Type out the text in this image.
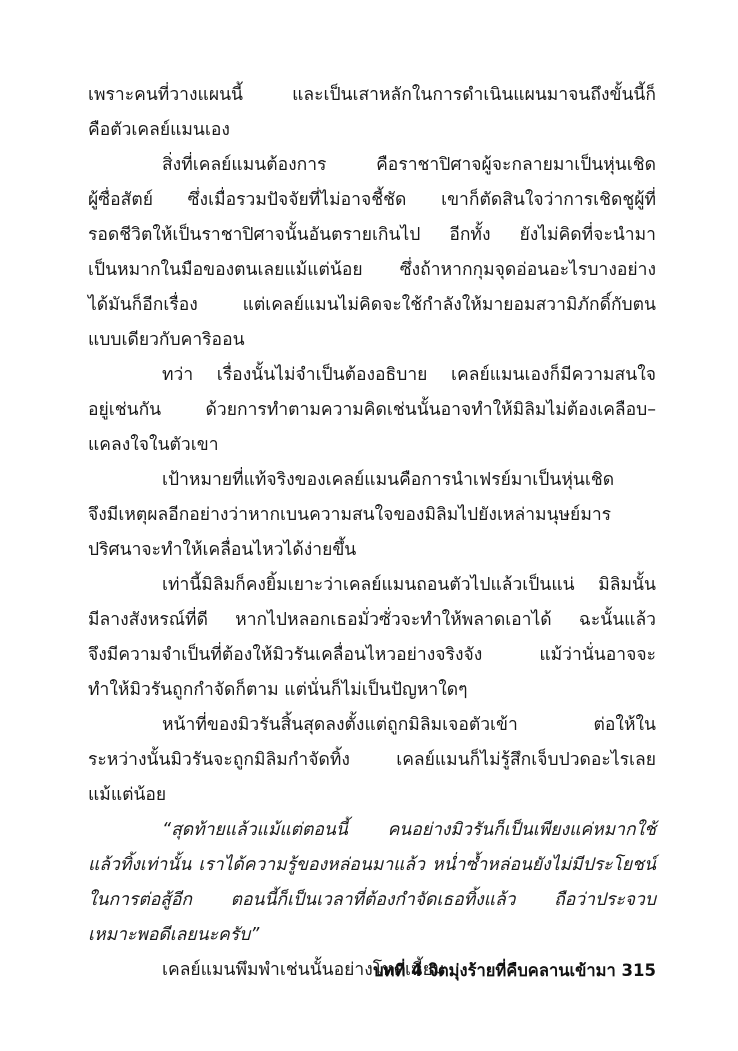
เพราะคนที่วางแผนนี้ และเป็นเสาหลักในการดำเนินแผนมาจนถึงขั้นนี้ก็
คือตัวเคลย์แมนเอง
สิ่งที่เคลย์แมนต้องการ คือราชาปิศาจผู้จะกลายมาเป็นหุ่นเชิด
ผู้ซื่อสัตย์ ซึ่งเมื่อรวมปัจจัยที่ไม่อาจชี้ชัด เขาก็ตัดสินใจว่าการเชิดชูผู้ที่
รอดชีวิตให้เป็นราชาปิศาจนั้นอันตรายเกินไป อีกทั้ง ยังไม่คิดที่จะนำมา
เป็นหมากในมือของตนเลยแม้แต่น้อย ซึ่งถ้าหากกุมจุดอ่อนอะไรบางอย่าง
ได้มันก็อีกเรื่อง แต่เคลย์แมนไม่คิดจะใช้กำลังให้มายอมสวามิภักดิ์กับตน
แบบเดียวกับคาริออน
ทว่า เรื่องนั้นไม่จำเป็นต้องอธิบาย เคลย์แมนเองก็มีความสนใจ
อยู่เช่นกัน ด้วยการทำตามความคิดเช่นนั้นอาจทำให้มิลิมไม่ต้องเคลือบ–
แคลงใจในตัวเขา
เป้าหมายที่แท้จริงของเคลย์แมนคือการนำเฟรย์มาเป็นหุ่นเชิด
จึงมีเหตุผลอีกอย่างว่าหากเบนความสนใจของมิลิมไปยังเหล่ามนุษย์มาร
ปริศนาจะทำให้เคลื่อนไหวได้ง่ายขึ้น
เท่านี้มิลิมก็คงยิ้มเยาะว่าเคลย์แมนถอนตัวไปแล้วเป็นแน่ มิลิมนั้น
มีลางสังหรณ์ที่ดี หากไปหลอกเธอมั่วซั่วจะทำให้พลาดเอาได้ ฉะนั้นแล้ว
จึงมีความจำเป็นที่ต้องให้มิวรันเคลื่อนไหวอย่างจริงจัง แม้ว่านั่นอาจจะ
ทำให้มิวรันถูกกำจัดก็ตาม แต่นั่นก็ไม่เป็นปัญหาใดๆ
หน้าที่ของมิวรันสิ้นสุดลงตั้งแต่ถูกมิลิมเจอตัวเข้า ต่อให้ใน
ระหว่างนั้นมิวรันจะถูกมิลิมกำจัดทิ้ง เคลย์แมนก็ไม่รู้สึกเจ็บปวดอะไรเลย
แม้แต่น้อย
“สุดท้ายแล้วแม้แต่ตอนนี้ คนอย่างมิวรันก็เป็นเพียงแค่หมากใช้
แล้วทิ้งเท่านั้น เราได้ความรู้ของหล่อนมาแล้ว หน่ำซ้ำหล่อนยังไม่มีประโยชน์
ในการต่อสู้อีก ตอนนี้ก็เป็นเวลาที่ต้องกำจัดเธอทิ้งแล้ว ถือว่าประจวบ
เหมาะพอดีเลยนะครับ”
เคลย์แมนพึมพำเช่นนั้นอย่างโหดเหี้ยม
บทที่ 4 จิตมุ่งร้ายที่คืบคลานเข้ามา 315
